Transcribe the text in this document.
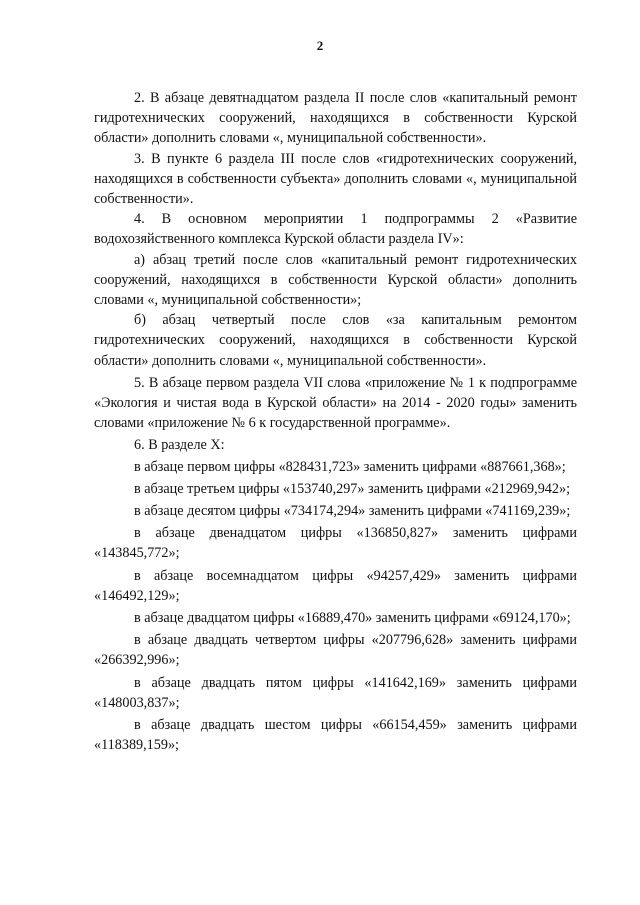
2

2. В абзаце девятнадцатом раздела II после слов «капитальный ремонт гидротехнических сооружений, находящихся в собственности Курской области» дополнить словами «, муниципальной собственности».

3. В пункте 6 раздела III после слов «гидротехнических сооружений, находящихся в собственности субъекта» дополнить словами «, муниципальной собственности».

4. В основном мероприятии 1 подпрограммы 2 «Развитие водохозяйственного комплекса Курской области раздела IV»:

а) абзац третий после слов «капитальный ремонт гидротехнических сооружений, находящихся в собственности Курской области» дополнить словами «, муниципальной собственности»;

б) абзац четвертый после слов «за капитальным ремонтом гидротехнических сооружений, находящихся в собственности Курской области» дополнить словами «, муниципальной собственности».

5. В абзаце первом раздела VII слова «приложение № 1 к подпрограмме «Экология и чистая вода в Курской области» на 2014 - 2020 годы» заменить словами «приложение № 6 к государственной программе».

6. В разделе X:

в абзаце первом цифры «828431,723» заменить цифрами «887661,368»;

в абзаце третьем цифры «153740,297» заменить цифрами «212969,942»;

в абзаце десятом цифры «734174,294» заменить цифрами «741169,239»;

в абзаце двенадцатом цифры «136850,827» заменить цифрами «143845,772»;

в абзаце восемнадцатом цифры «94257,429» заменить цифрами «146492,129»;

в абзаце двадцатом цифры «16889,470» заменить цифрами «69124,170»;

в абзаце двадцать четвертом цифры «207796,628» заменить цифрами «266392,996»;

в абзаце двадцать пятом цифры «141642,169» заменить цифрами «148003,837»;

в абзаце двадцать шестом цифры «66154,459» заменить цифрами «118389,159»;
